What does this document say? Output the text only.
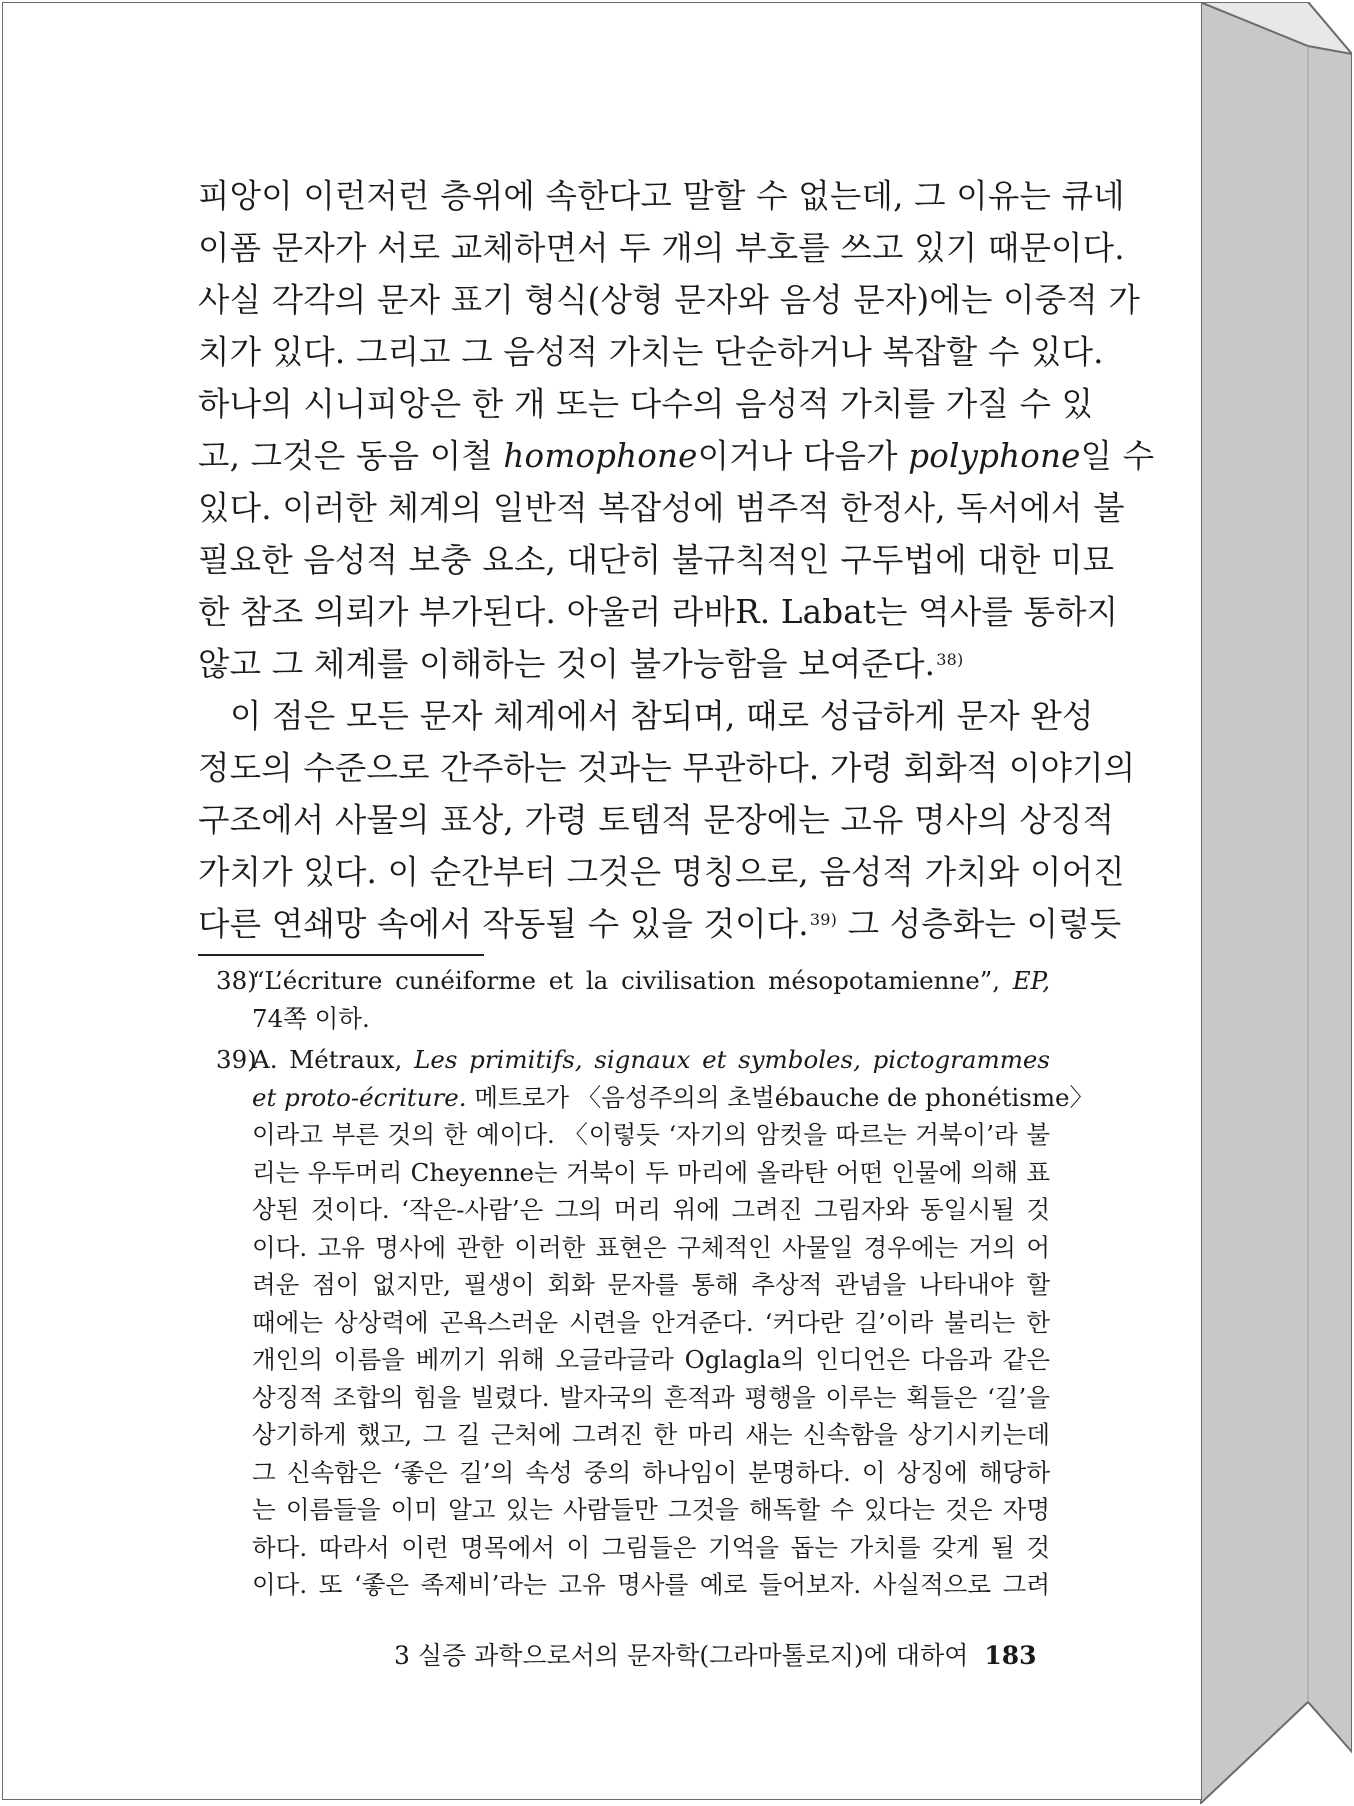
피앙이 이런저런 층위에 속한다고 말할 수 없는데, 그 이유는 큐네
이폼 문자가 서로 교체하면서 두 개의 부호를 쓰고 있기 때문이다.
사실 각각의 문자 표기 형식(상형 문자와 음성 문자)에는 이중적 가
치가 있다. 그리고 그 음성적 가치는 단순하거나 복잡할 수 있다.
하나의 시니피앙은 한 개 또는 다수의 음성적 가치를 가질 수 있
고, 그것은 동음 이철 homophone이거나 다음가 polyphone일 수
있다. 이러한 체계의 일반적 복잡성에 범주적 한정사, 독서에서 불
필요한 음성적 보충 요소, 대단히 불규칙적인 구두법에 대한 미묘
한 참조 의뢰가 부가된다. 아울러 라바R. Labat는 역사를 통하지
않고 그 체계를 이해하는 것이 불가능함을 보여준다.$^{38)}$

이 점은 모든 문자 체계에서 참되며, 때로 성급하게 문자 완성
정도의 수준으로 간주하는 것과는 무관하다. 가령 회화적 이야기의
구조에서 사물의 표상, 가령 토템적 문장에는 고유 명사의 상징적
가치가 있다. 이 순간부터 그것은 명칭으로, 음성적 가치와 이어진
다른 연쇄망 속에서 작동될 수 있을 것이다.$^{39)}$ 그 성층화는 이렇듯

38)
“L’écriture cunéiforme et la civilisation mésopotamienne”, EP,
74쪽 이하.
39)
A. Métraux, Les primitifs, signaux et symboles, pictogrammes
et proto-écriture. 메트로가 〈음성주의의 초벌ébauche de phonétisme〉
이라고 부른 것의 한 예이다. 〈이렇듯 ‘자기의 암컷을 따르는 거북이’라 불
리는 우두머리 Cheyenne는 거북이 두 마리에 올라탄 어떤 인물에 의해 표
상된 것이다. ‘작은-사람’은 그의 머리 위에 그려진 그림자와 동일시될 것
이다. 고유 명사에 관한 이러한 표현은 구체적인 사물일 경우에는 거의 어
려운 점이 없지만, 필생이 회화 문자를 통해 추상적 관념을 나타내야 할
때에는 상상력에 곤욕스러운 시련을 안겨준다. ‘커다란 길’이라 불리는 한
개인의 이름을 베끼기 위해 오글라글라 Oglagla의 인디언은 다음과 같은
상징적 조합의 힘을 빌렸다. 발자국의 흔적과 평행을 이루는 획들은 ‘길’을
상기하게 했고, 그 길 근처에 그려진 한 마리 새는 신속함을 상기시키는데
그 신속함은 ‘좋은 길’의 속성 중의 하나임이 분명하다. 이 상징에 해당하
는 이름들을 이미 알고 있는 사람들만 그것을 해독할 수 있다는 것은 자명
하다. 따라서 이런 명목에서 이 그림들은 기억을 돕는 가치를 갖게 될 것
이다. 또 ‘좋은 족제비’라는 고유 명사를 예로 들어보자. 사실적으로 그려
3 실증 과학으로서의 문자학(그라마톨로지)에 대하여 183
